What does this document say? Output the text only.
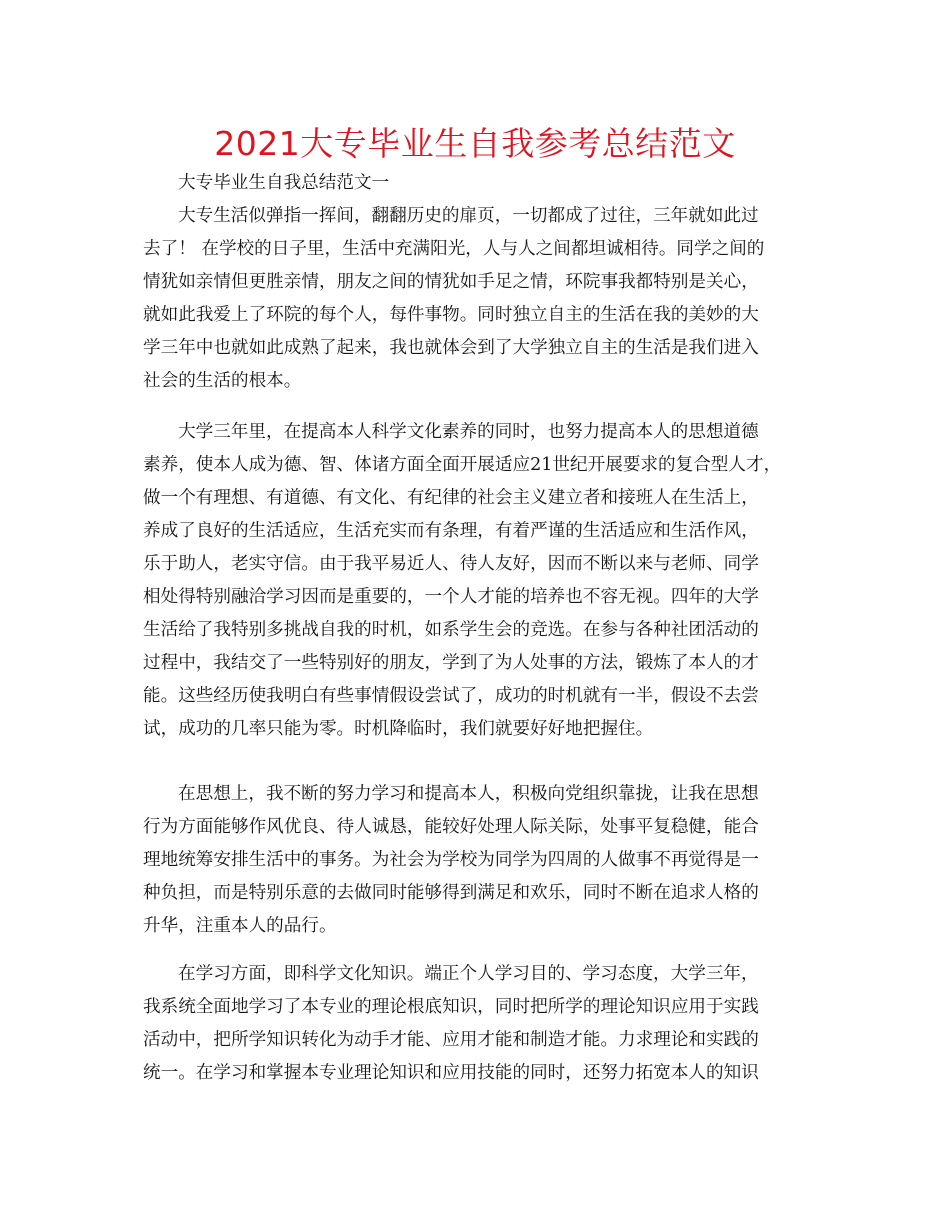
2021大专毕业生自我参考总结范文
大专毕业生自我总结范文一
大专生活似弹指一挥间，翻翻历史的扉页，一切都成了过往，三年就如此过
去了！ 在学校的日子里，生活中充满阳光，人与人之间都坦诚相待。同学之间的
情犹如亲情但更胜亲情，朋友之间的情犹如手足之情，环院事我都特别是关心，
就如此我爱上了环院的每个人，每件事物。同时独立自主的生活在我的美妙的大
学三年中也就如此成熟了起来，我也就体会到了大学独立自主的生活是我们进入
社会的生活的根本。
大学三年里，在提高本人科学文化素养的同时，也努力提高本人的思想道德
素养，使本人成为德、智、体诸方面全面开展适应21世纪开展要求的复合型人才，
做一个有理想、有道德、有文化、有纪律的社会主义建立者和接班人在生活上，
养成了良好的生活适应，生活充实而有条理，有着严谨的生活适应和生活作风，
乐于助人，老实守信。由于我平易近人、待人友好，因而不断以来与老师、同学
相处得特别融洽学习因而是重要的，一个人才能的培养也不容无视。四年的大学
生活给了我特别多挑战自我的时机，如系学生会的竞选。在参与各种社团活动的
过程中，我结交了一些特别好的朋友，学到了为人处事的方法，锻炼了本人的才
能。这些经历使我明白有些事情假设尝试了，成功的时机就有一半，假设不去尝
试，成功的几率只能为零。时机降临时，我们就要好好地把握住。
在思想上，我不断的努力学习和提高本人，积极向党组织靠拢，让我在思想
行为方面能够作风优良、待人诚恳，能较好处理人际关际，处事平复稳健，能合
理地统筹安排生活中的事务。为社会为学校为同学为四周的人做事不再觉得是一
种负担，而是特别乐意的去做同时能够得到满足和欢乐，同时不断在追求人格的
升华，注重本人的品行。
在学习方面，即科学文化知识。端正个人学习目的、学习态度，大学三年，
我系统全面地学习了本专业的理论根底知识，同时把所学的理论知识应用于实践
活动中，把所学知识转化为动手才能、应用才能和制造才能。力求理论和实践的
统一。在学习和掌握本专业理论知识和应用技能的同时，还努力拓宽本人的知识
